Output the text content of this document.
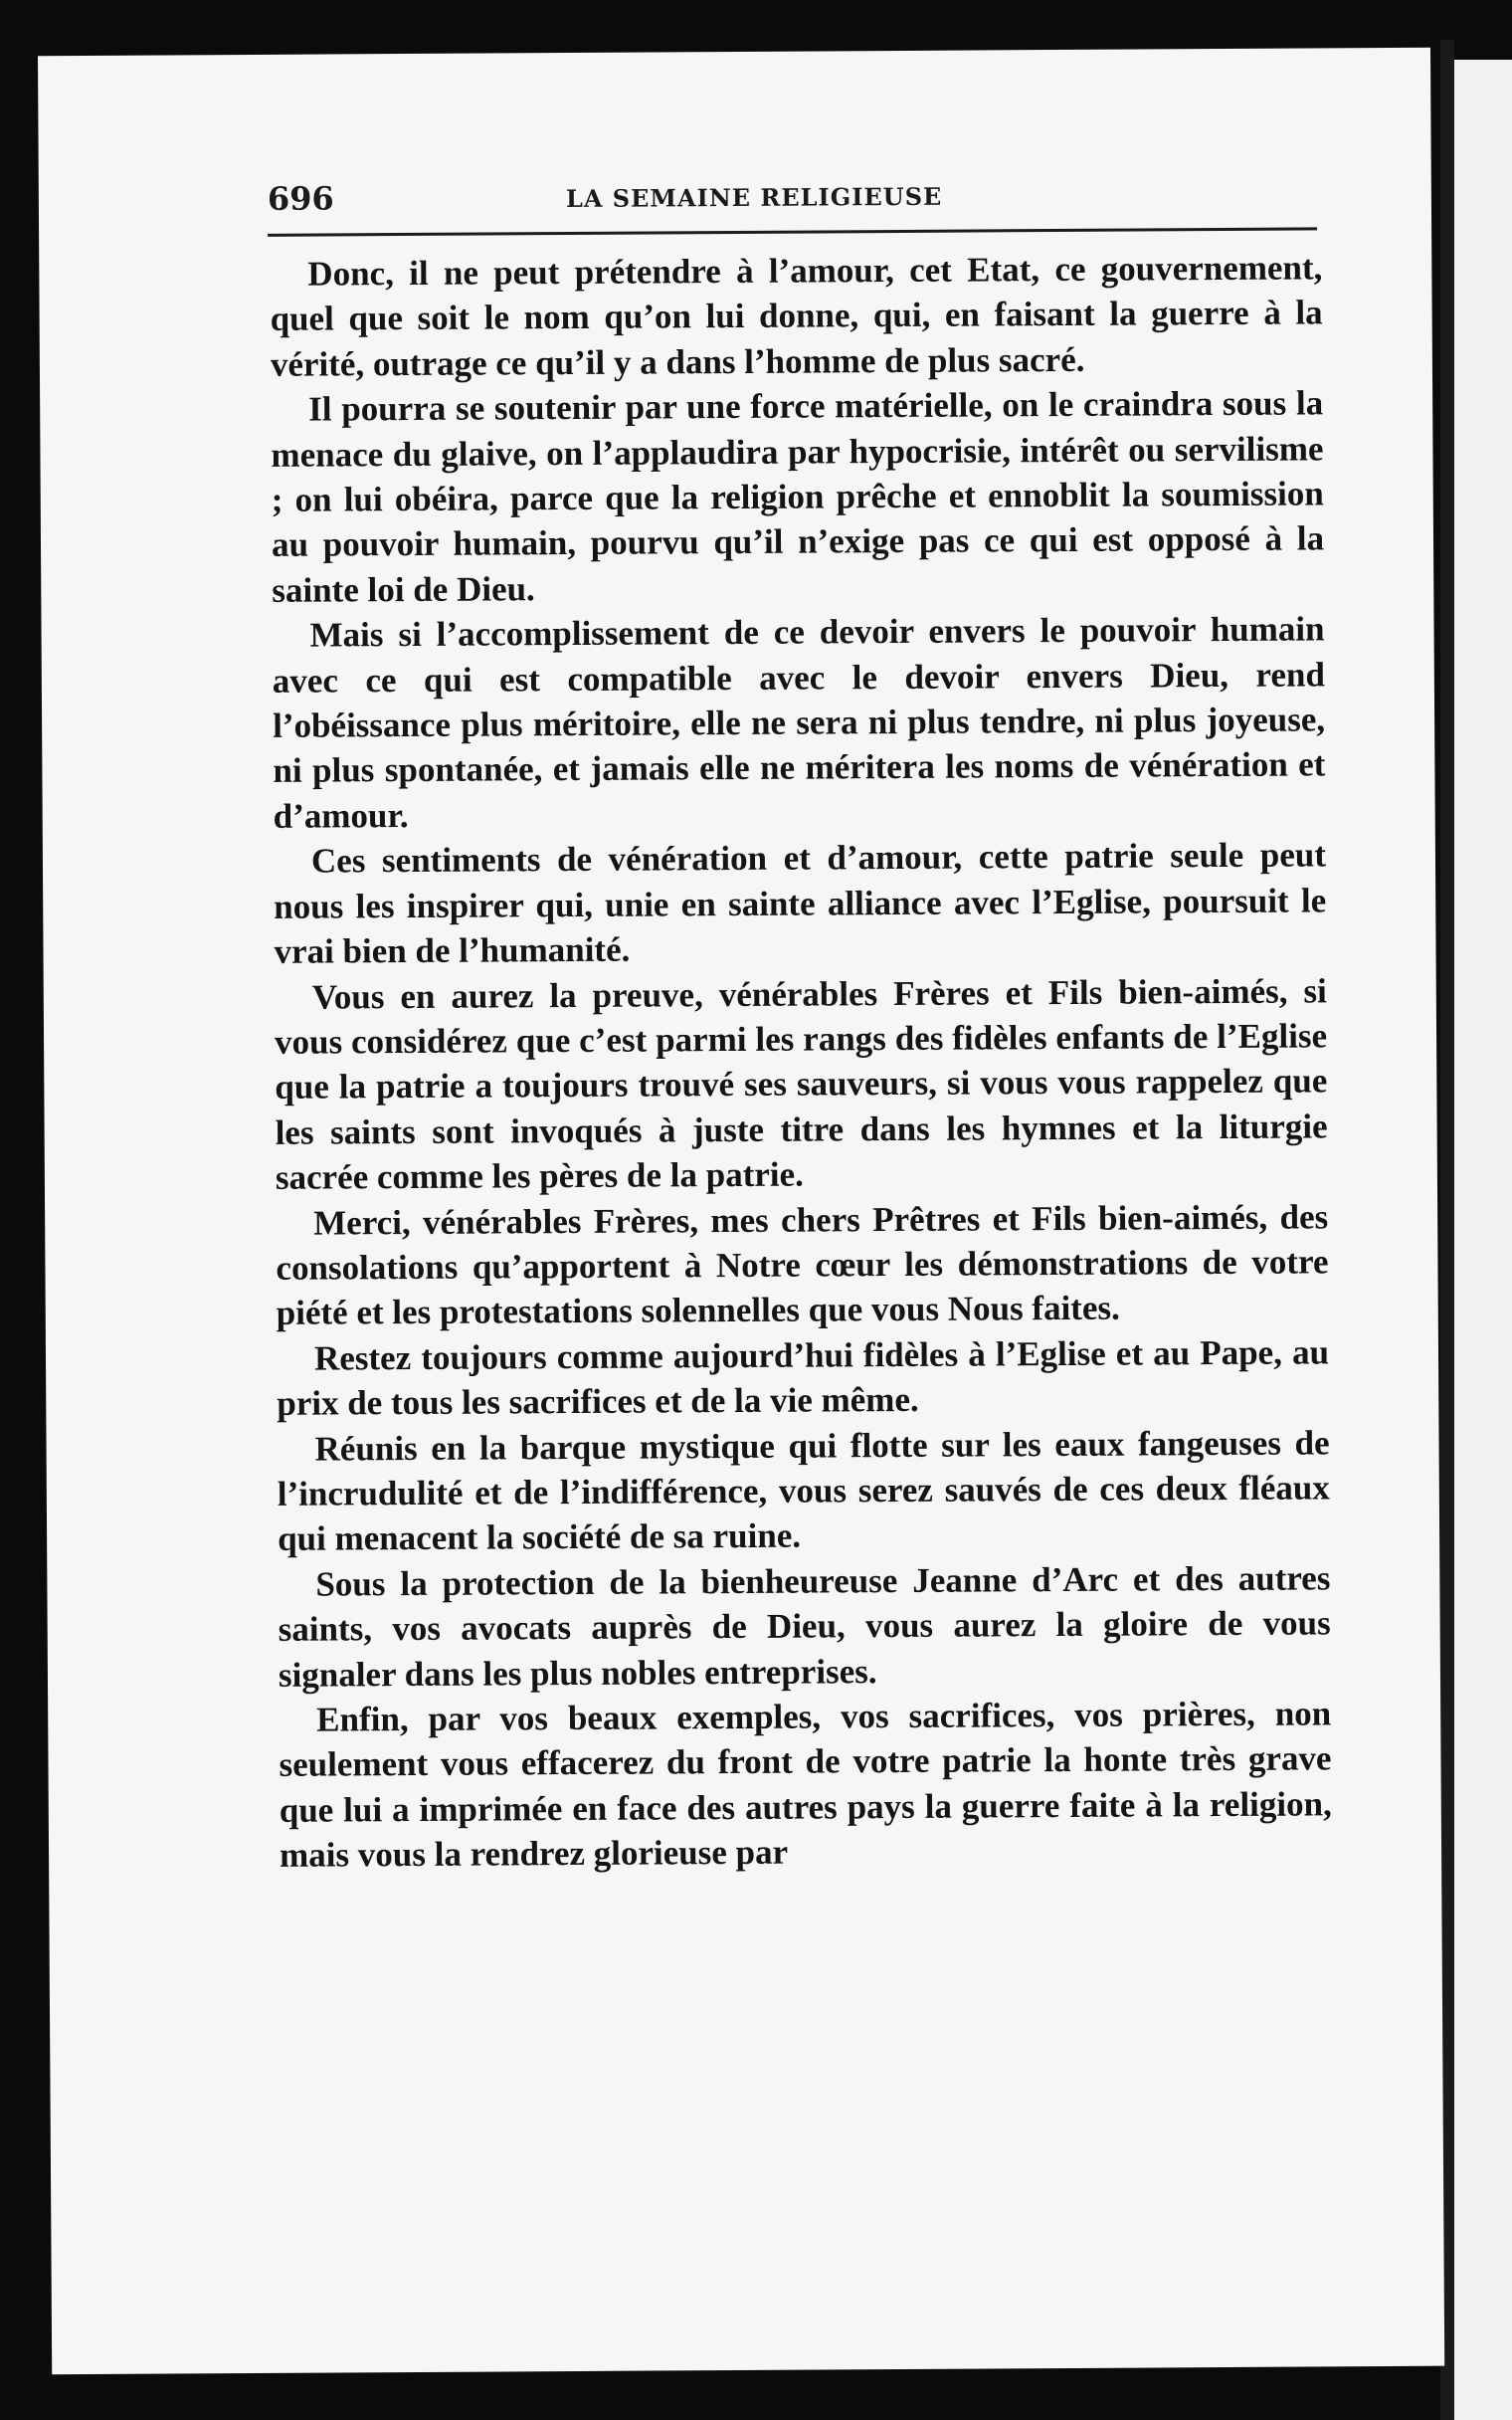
696	LA SEMAINE RELIGIEUSE

Donc, il ne peut prétendre à l’amour, cet Etat, ce gouvernement, quel que soit le nom qu’on lui donne, qui, en faisant la guerre à la vérité, outrage ce qu’il y a dans l’homme de plus sacré.

Il pourra se soutenir par une force matérielle, on le craindra sous la menace du glaive, on l’applaudira par hypocrisie, intérêt ou servilisme ; on lui obéira, parce que la religion prêche et ennoblit la soumission au pouvoir humain, pourvu qu’il n’exige pas ce qui est opposé à la sainte loi de Dieu.

Mais si l’accomplissement de ce devoir envers le pouvoir humain avec ce qui est compatible avec le devoir envers Dieu, rend l’obéissance plus méritoire, elle ne sera ni plus tendre, ni plus joyeuse, ni plus spontanée, et jamais elle ne méritera les noms de vénération et d’amour.

Ces sentiments de vénération et d’amour, cette patrie seule peut nous les inspirer qui, unie en sainte alliance avec l’Eglise, poursuit le vrai bien de l’humanité.

Vous en aurez la preuve, vénérables Frères et Fils bien-aimés, si vous considérez que c’est parmi les rangs des fidèles enfants de l’Eglise que la patrie a toujours trouvé ses sauveurs, si vous vous rappelez que les saints sont invoqués à juste titre dans les hymnes et la liturgie sacrée comme les pères de la patrie.

Merci, vénérables Frères, mes chers Prêtres et Fils bien-aimés, des consolations qu’apportent à Notre cœur les démonstrations de votre piété et les protestations solennelles que vous Nous faites.

Restez toujours comme aujourd’hui fidèles à l’Eglise et au Pape, au prix de tous les sacrifices et de la vie même.

Réunis en la barque mystique qui flotte sur les eaux fangeuses de l’incrudulité et de l’indifférence, vous serez sauvés de ces deux fléaux qui menacent la société de sa ruine.

Sous la protection de la bienheureuse Jeanne d’Arc et des autres saints, vos avocats auprès de Dieu, vous aurez la gloire de vous signaler dans les plus nobles entreprises.

Enfin, par vos beaux exemples, vos sacrifices, vos prières, non seulement vous effacerez du front de votre patrie la honte très grave que lui a imprimée en face des autres pays la guerre faite à la religion, mais vous la rendrez glorieuse par
